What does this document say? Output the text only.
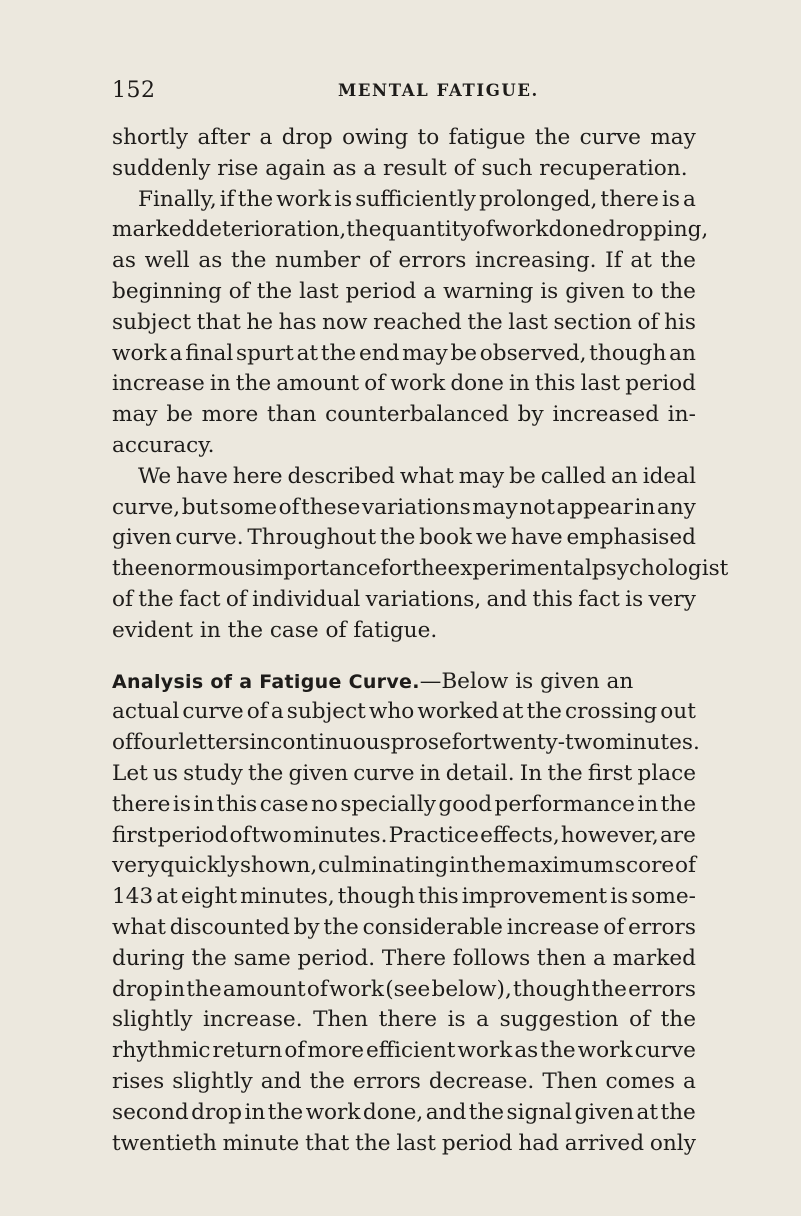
152	MENTAL FATIGUE.
shortly after a drop owing to fatigue the curve may
suddenly rise again as a result of such recuperation.
Finally, if the work is sufficiently prolonged, there is a
marked deterioration, the quantity of work done dropping,
as well as the number of errors increasing. If at the
beginning of the last period a warning is given to the
subject that he has now reached the last section of his
work a final spurt at the end may be observed, though an
increase in the amount of work done in this last period
may be more than counterbalanced by increased in-
accuracy.
We have here described what may be called an ideal
curve, but some of these variations may not appear in any
given curve. Throughout the book we have emphasised
the enormous importance for the experimental psychologist
of the fact of individual variations, and this fact is very
evident in the case of fatigue.
Analysis of a Fatigue Curve.—Below is given an
actual curve of a subject who worked at the crossing out
of four letters in continuous prose for twenty-two minutes.
Let us study the given curve in detail. In the first place
there is in this case no specially good performance in the
first period of two minutes. Practice effects, however, are
very quickly shown, culminating in the maximum score of
143 at eight minutes, though this improvement is some-
what discounted by the considerable increase of errors
during the same period. There follows then a marked
drop in the amount of work (see below), though the errors
slightly increase. Then there is a suggestion of the
rhythmic return of more efficient work as the work curve
rises slightly and the errors decrease. Then comes a
second drop in the work done, and the signal given at the
twentieth minute that the last period had arrived only
